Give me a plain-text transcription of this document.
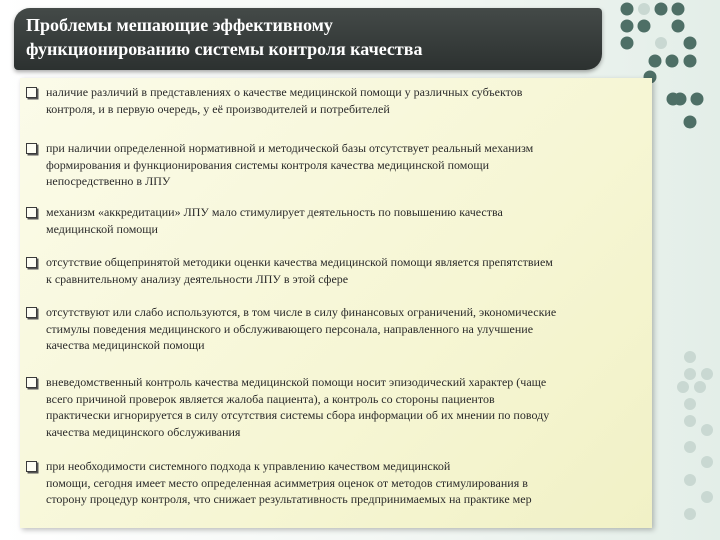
Проблемы мешающие эффективному
функционированию системы контроля качества
наличие различий в представлениях о качестве медицинской помощи у различных субъектов
контроля, и в первую очередь, у её производителей и потребителей
при наличии определенной нормативной и методической базы отсутствует реальный механизм
формирования и функционирования системы контроля качества медицинской помощи
непосредственно в ЛПУ
механизм «аккредитации» ЛПУ мало стимулирует деятельность по повышению качества
медицинской помощи
отсутствие общепринятой методики оценки качества медицинской помощи является препятствием
к сравнительному анализу деятельности ЛПУ в этой сфере
отсутствуют или слабо используются, в том числе в силу финансовых ограничений, экономические
стимулы поведения медицинского и обслуживающего персонала, направленного на улучшение
качества медицинской помощи
вневедомственный контроль качества медицинской помощи носит эпизодический характер (чаще
всего причиной проверок является жалоба пациента), а контроль со стороны пациентов
практически игнорируется в силу отсутствия системы сбора информации об их мнении по поводу
качества медицинского обслуживания
при необходимости системного подхода к управлению качеством медицинской
помощи, сегодня имеет место определенная асимметрия оценок от методов стимулирования в
сторону процедур контроля, что снижает результативность предпринимаемых на практике мер
